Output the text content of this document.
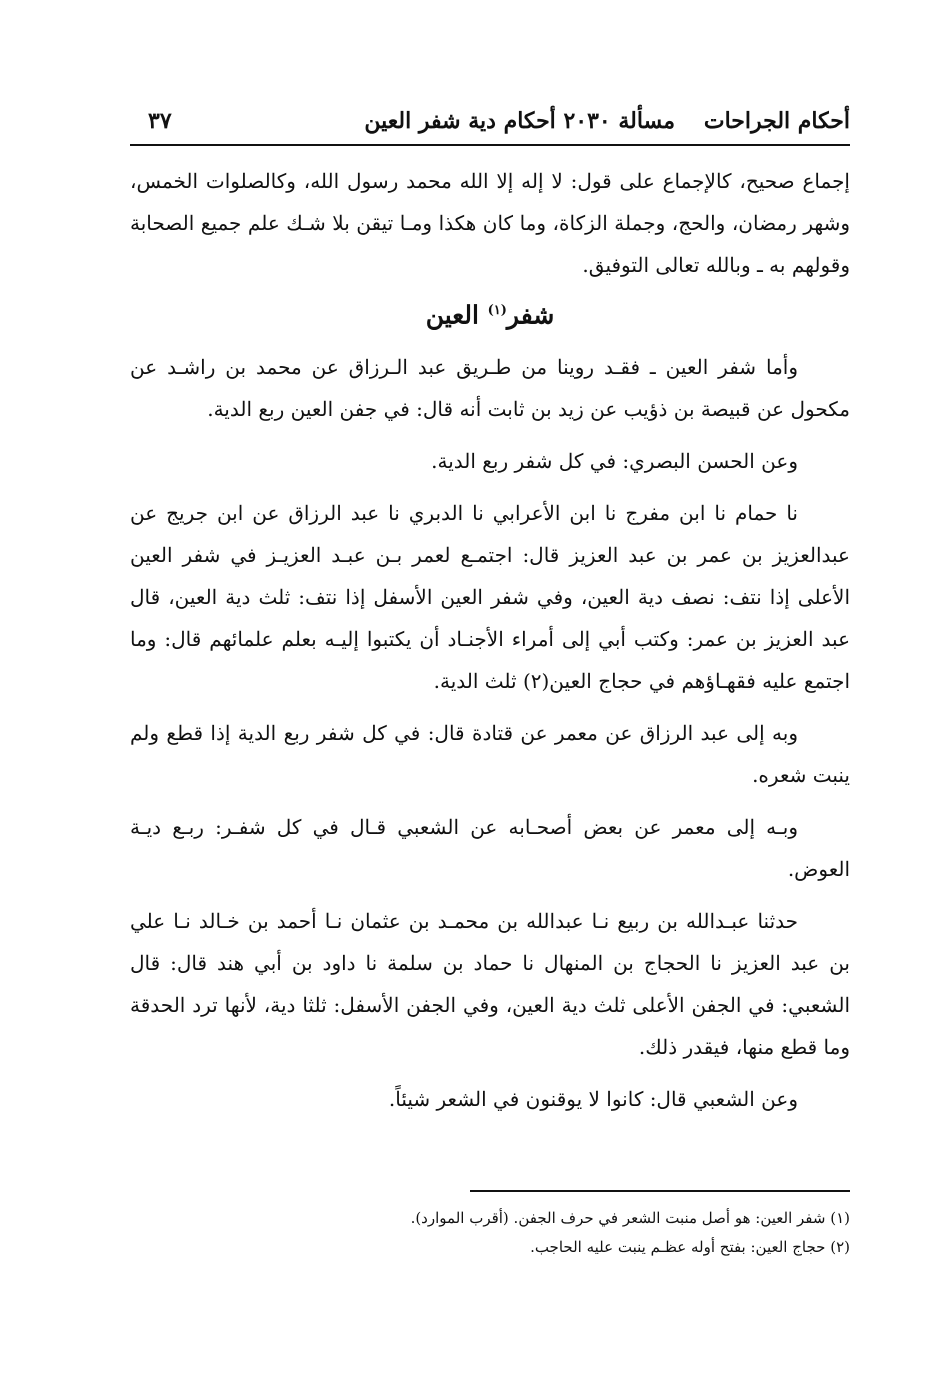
أحكام الجراحات
مسألة ٢٠٣٠ أحكام دية شفر العين
٣٧

إجماع صحيح، كالإجماع على قول: لا إله إلا الله محمد رسول الله، وكالصلوات الخمس، وشهر رمضان، والحج، وجملة الزكاة، وما كان هكذا ومـا تيقن بلا شـك علم جميع الصحابة وقولهم به ـ وبالله تعالى التوفيق.

شفر$^{(١)}$ العين

وأما شفر العين ـ فقـد روينا من طـريق عبد الـرزاق عن محمد بن راشـد عن مكحول عن قبيصة بن ذؤيب عن زيد بن ثابت أنه قال: في جفن العين ربع الدية.

وعن الحسن البصري: في كل شفر ربع الدية.

نا حمام نا ابن مفرج نا ابن الأعرابي نا الدبري نا عبد الرزاق عن ابن جريج عن عبدالعزيز بن عمر بن عبد العزيز قال: اجتمـع لعمر بـن عبـد العزيـز في شفر العين الأعلى إذا نتف: نصف دية العين، وفي شفر العين الأسفل إذا نتف: ثلث دية العين، قال عبد العزيز بن عمر: وكتب أبي إلى أمراء الأجنـاد أن يكتبوا إليـه بعلم علمائهم قال: وما اجتمع عليه فقهـاؤهم في حجاج العين(٢) ثلث الدية.

وبه إلى عبد الرزاق عن معمر عن قتادة قال: في كل شفر ربع الدية إذا قطع ولم ينبت شعره.

وبـه إلى معمر عن بعض أصحـابه عن الشعبي قـال في كل شفـر: ربـع ديـة العوض.

حدثنا عبـدالله بن ربيع نـا عبدالله بن محمـد بن عثمان نـا أحمد بن خـالد نـا علي بن عبد العزيز نا الحجاج بن المنهال نا حماد بن سلمة نا داود بن أبي هند قال: قال الشعبي: في الجفن الأعلى ثلث دية العين، وفي الجفن الأسفل: ثلثا دية، لأنها ترد الحدقة وما قطع منها، فيقدر ذلك.

وعن الشعبي قال: كانوا لا يوقنون في الشعر شيئاً.

(١) شفر العين: هو أصل منبت الشعر في حرف الجفن. (أقرب الموارد).

(٢) حجاج العين: بفتح أوله عظـم ينبت عليه الحاجب.
